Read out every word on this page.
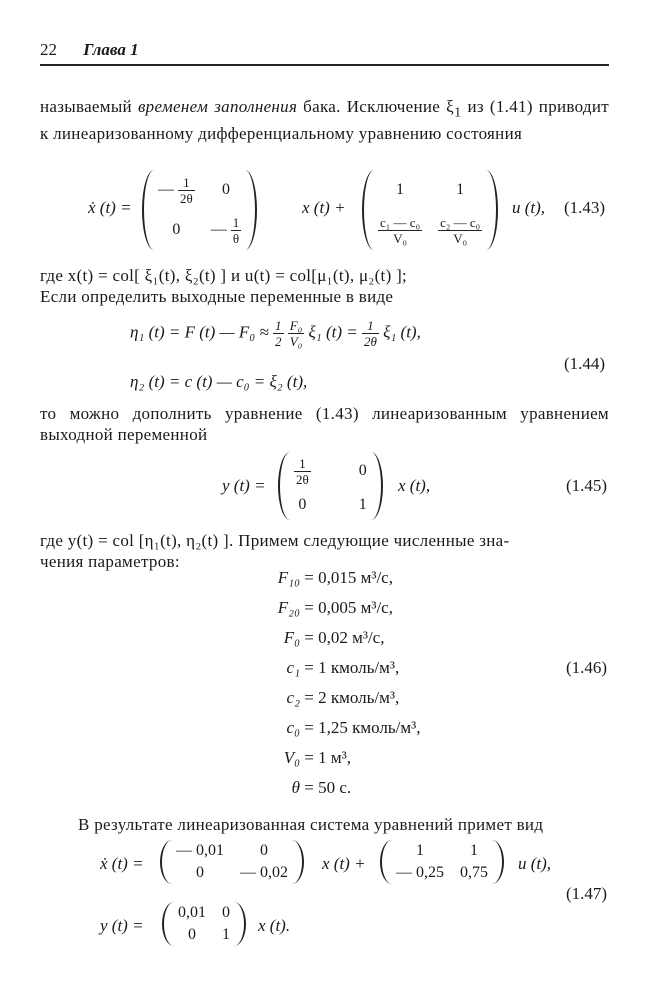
22 Глава 1

называемый временем заполнения бака. Исключение $\xi_1$ из (1.41) приводит к линеаризованному дифференциальному уравнению состояния

ẋ (t) =
— $\frac{1}{2\theta}$	0
0	— $\frac{1}{\theta}$
x (t) +
1	1

$\frac{\text{c₁ — c₀}}{\text{V₀}}$	$\frac{\text{c₂ — c₀}}{\text{V₀}}$
u (t), (1.43)

где x(t) = col[ ξ₁(t), ξ₂(t) ] и u(t) = col[μ₁(t), μ₂(t) ];

Если определить выходные переменные в виде

η₁ (t) = F (t) — $F_0 \approx \frac{1}{2}$
$\frac{\text{F₀}}{\text{V₀}} \xi_1$ $(t) = \frac{1}{2\theta} \xi_1$ (t),
η₂ (t) = c (t) — c₀ = ξ₂ (t),
(1.44)

то можно дополнить уравнение (1.43) линеаризованным уравнением выходной переменной

y $(t) = \frac{1}{2\theta}$	0
0	1
x (t),	(1.45)

где y(t) = col [η₁(t), η₂(t) ]. Примем следующие численные зна-

чения параметров:

F₁₀ = 0,015 м³/с,
F₂₀ = 0,005 м³/с,
F₀ = 0,02 м³/с,
c₁ = 1 кмоль/м³,
c₂ = 2 кмоль/м³,
c₀ = 1,25 кмоль/м³,
V₀ = 1 м³,
θ = 50 с.
(1.46)

В результате линеаризованная система уравнений примет вид

ẋ (t) =
— 0,01	0
0	— 0,02 x (t) +
1	1
— 0,25	0,75 u (t),
y (t) =
0,01	0
0	1 x (t).
(1.47)
